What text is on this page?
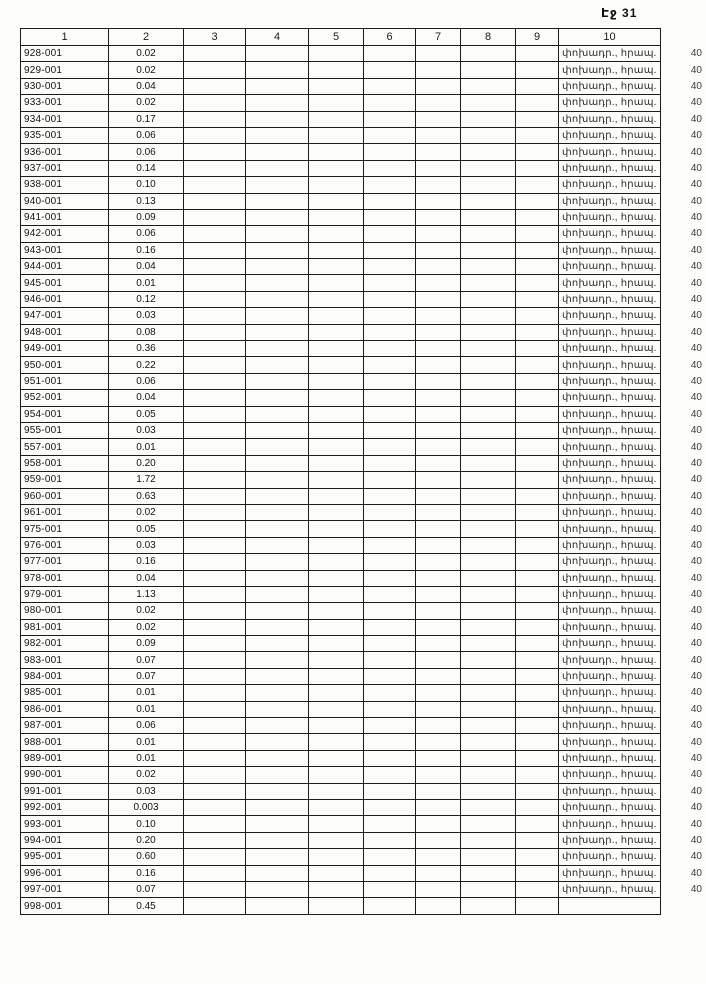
Էջ 31
1	2	3	4	5	6	7	8	9	10	
928-001	0.02								փոխադր., հրապ.	40
929-001	0.02								փոխադր., հրապ.	40
930-001	0.04								փոխադր., հրապ.	40
933-001	0.02								փոխադր., հրապ.	40
934-001	0.17								փոխադր., հրապ.	40
935-001	0.06								փոխադր., հրապ.	40
936-001	0.06								փոխադր., հրապ.	40
937-001	0.14								փոխադր., հրապ.	40
938-001	0.10								փոխադր., հրապ.	40
940-001	0.13								փոխադր., հրապ.	40
941-001	0.09								փոխադր., հրապ.	40
942-001	0.06								փոխադր., հրապ.	40
943-001	0.16								փոխադր., հրապ.	40
944-001	0.04								փոխադր., հրապ.	40
945-001	0.01								փոխադր., հրապ.	40
946-001	0.12								փոխադր., հրապ.	40
947-001	0.03								փոխադր., հրապ.	40
948-001	0.08								փոխադր., հրապ.	40
949-001	0.36								փոխադր., հրապ.	40
950-001	0.22								փոխադր., հրապ.	40
951-001	0.06								փոխադր., հրապ.	40
952-001	0.04								փոխադր., հրապ.	40
954-001	0.05								փոխադր., հրապ.	40
955-001	0.03								փոխադր., հրապ.	40
557-001	0.01								փոխադր., հրապ.	40
958-001	0.20								փոխադր., հրապ.	40
959-001	1.72								փոխադր., հրապ.	40
960-001	0.63								փոխադր., հրապ.	40
961-001	0.02								փոխադր., հրապ.	40
975-001	0.05								փոխադր., հրապ.	40
976-001	0.03								փոխադր., հրապ.	40
977-001	0.16								փոխադր., հրապ.	40
978-001	0.04								փոխադր., հրապ.	40
979-001	1.13								փոխադր., հրապ.	40
980-001	0.02								փոխադր., հրապ.	40
981-001	0.02								փոխադր., հրապ.	40
982-001	0.09								փոխադր., հրապ.	40
983-001	0.07								փոխադր., հրապ.	40
984-001	0.07								փոխադր., հրապ.	40
985-001	0.01								փոխադր., հրապ.	40
986-001	0.01								փոխադր., հրապ.	40
987-001	0.06								փոխադր., հրապ.	40
988-001	0.01								փոխադր., հրապ.	40
989-001	0.01								փոխադր., հրապ.	40
990-001	0.02								փոխադր., հրապ.	40
991-001	0.03								փոխադր., հրապ.	40
992-001	0.003								փոխադր., հրապ.	40
993-001	0.10								փոխադր., հրապ.	40
994-001	0.20								փոխադր., հրապ.	40
995-001	0.60								փոխադր., հրապ.	40
996-001	0.16								փոխադր., հրապ.	40
997-001	0.07								փոխադր., հրապ.	40
998-001	0.45									
